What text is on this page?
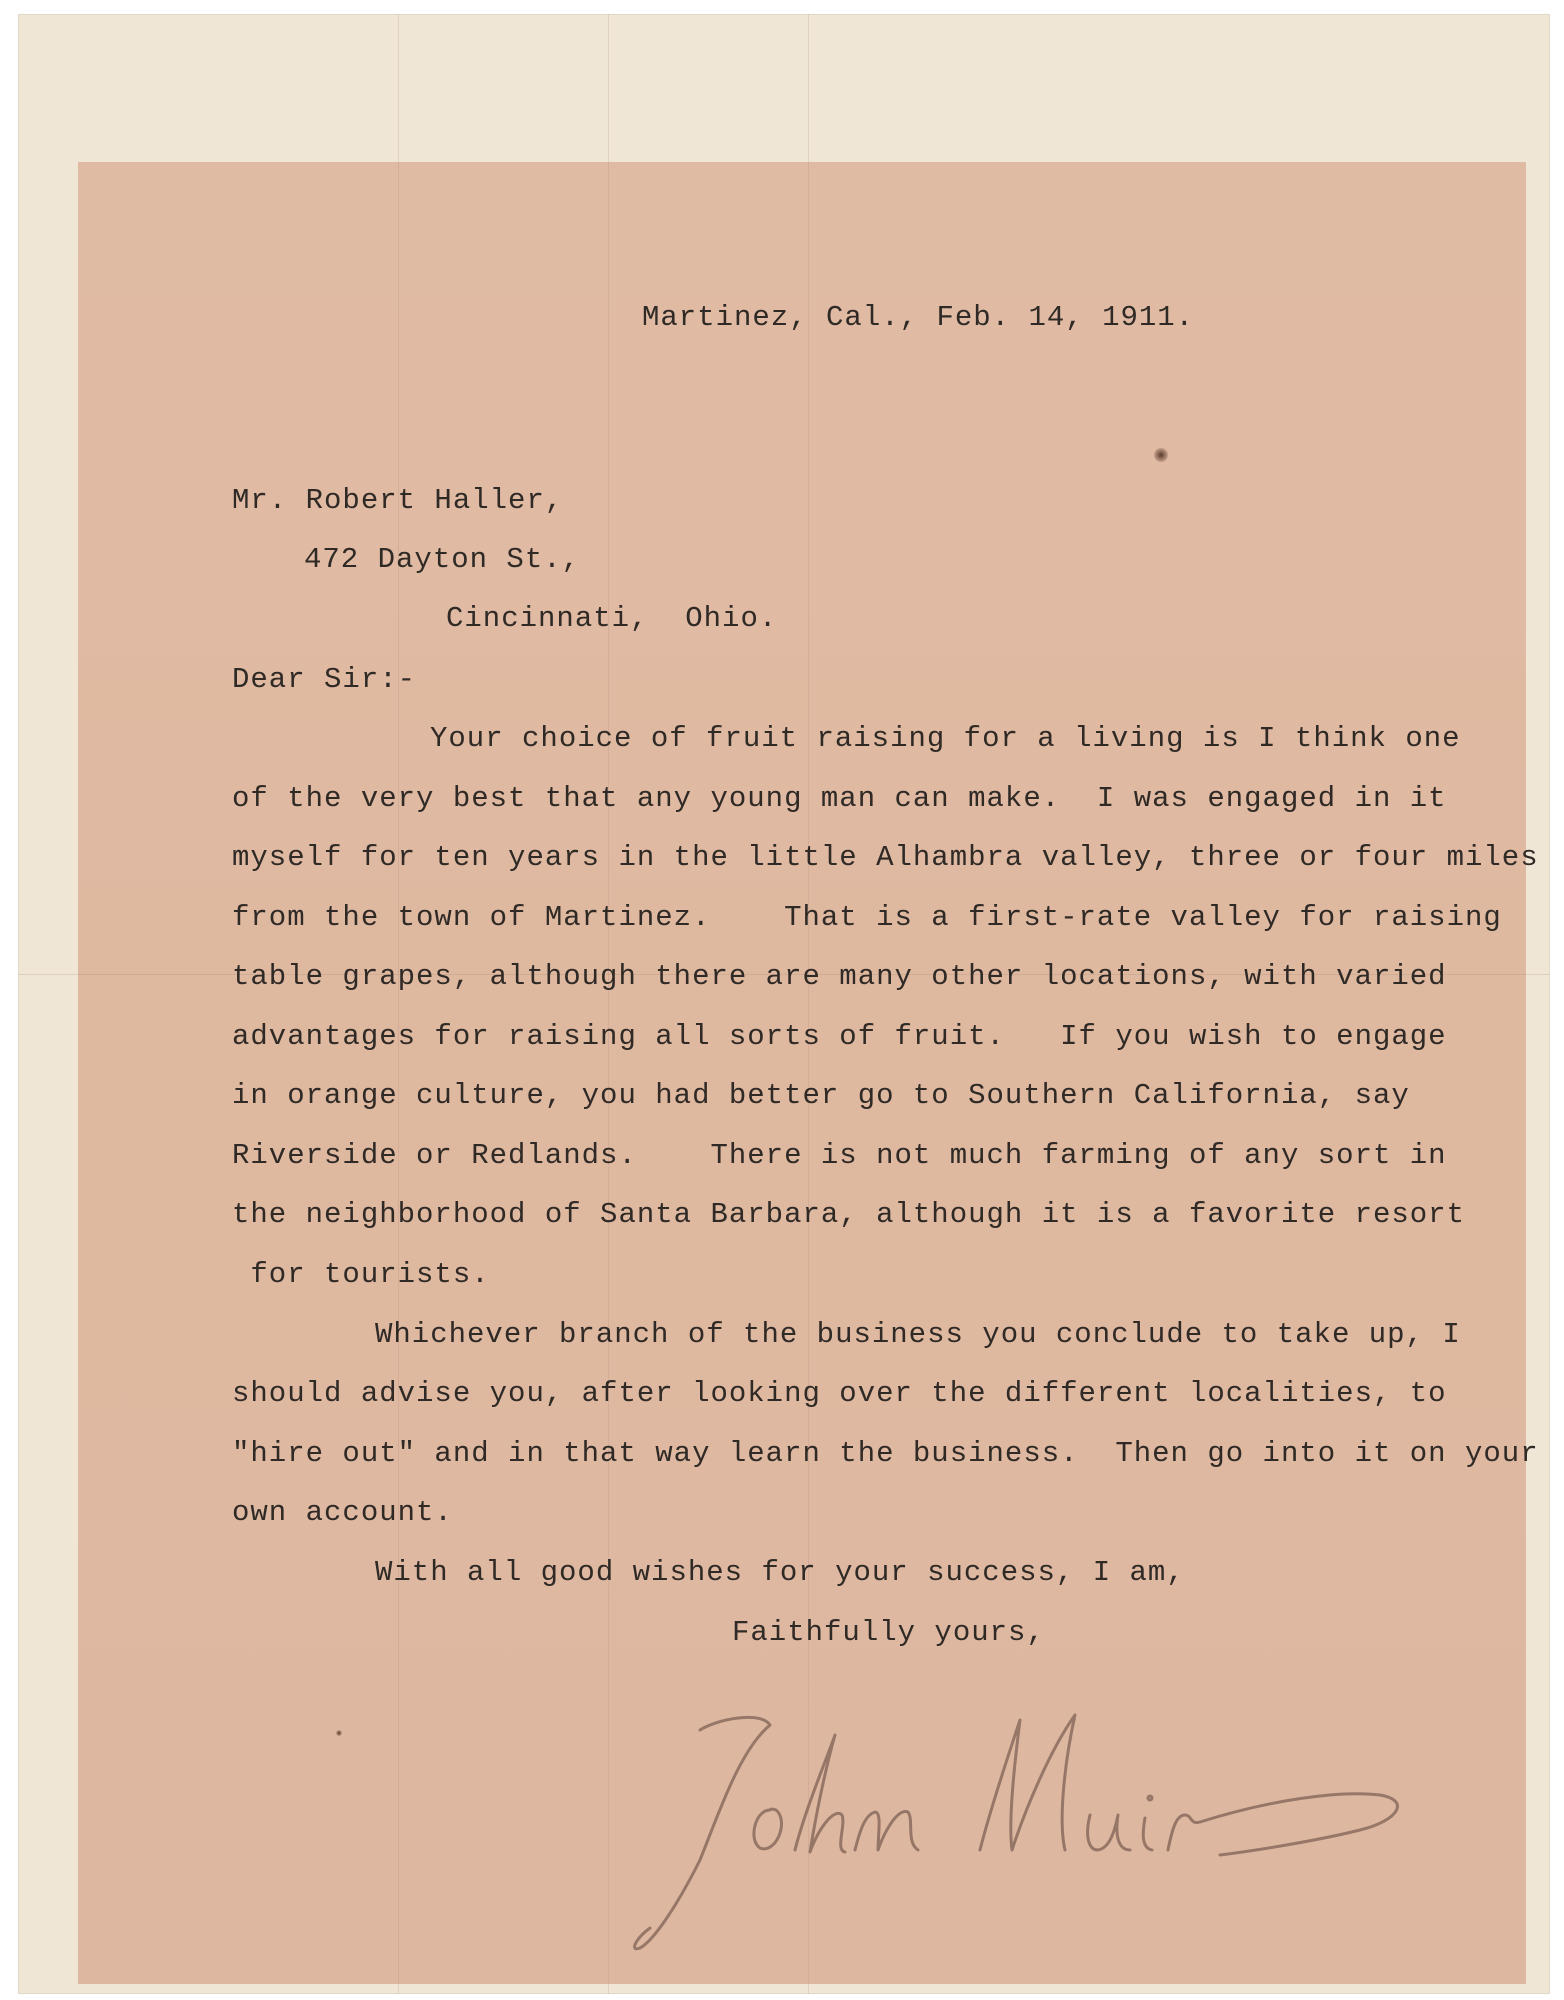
Martinez, Cal., Feb. 14, 1911.
Mr. Robert Haller,
472 Dayton St.,
Cincinnati,  Ohio.
Dear Sir:-
Your choice of fruit raising for a living is I think one
of the very best that any young man can make.  I was engaged in it
myself for ten years in the little Alhambra valley, three or four miles
from the town of Martinez.    That is a first-rate valley for raising
table grapes, although there are many other locations, with varied
advantages for raising all sorts of fruit.   If you wish to engage
in orange culture, you had better go to Southern California, say
Riverside or Redlands.    There is not much farming of any sort in
the neighborhood of Santa Barbara, although it is a favorite resort
for tourists.
Whichever branch of the business you conclude to take up, I
should advise you, after looking over the different localities, to
"hire out" and in that way learn the business.  Then go into it on your
own account.
With all good wishes for your success, I am,
Faithfully yours,
